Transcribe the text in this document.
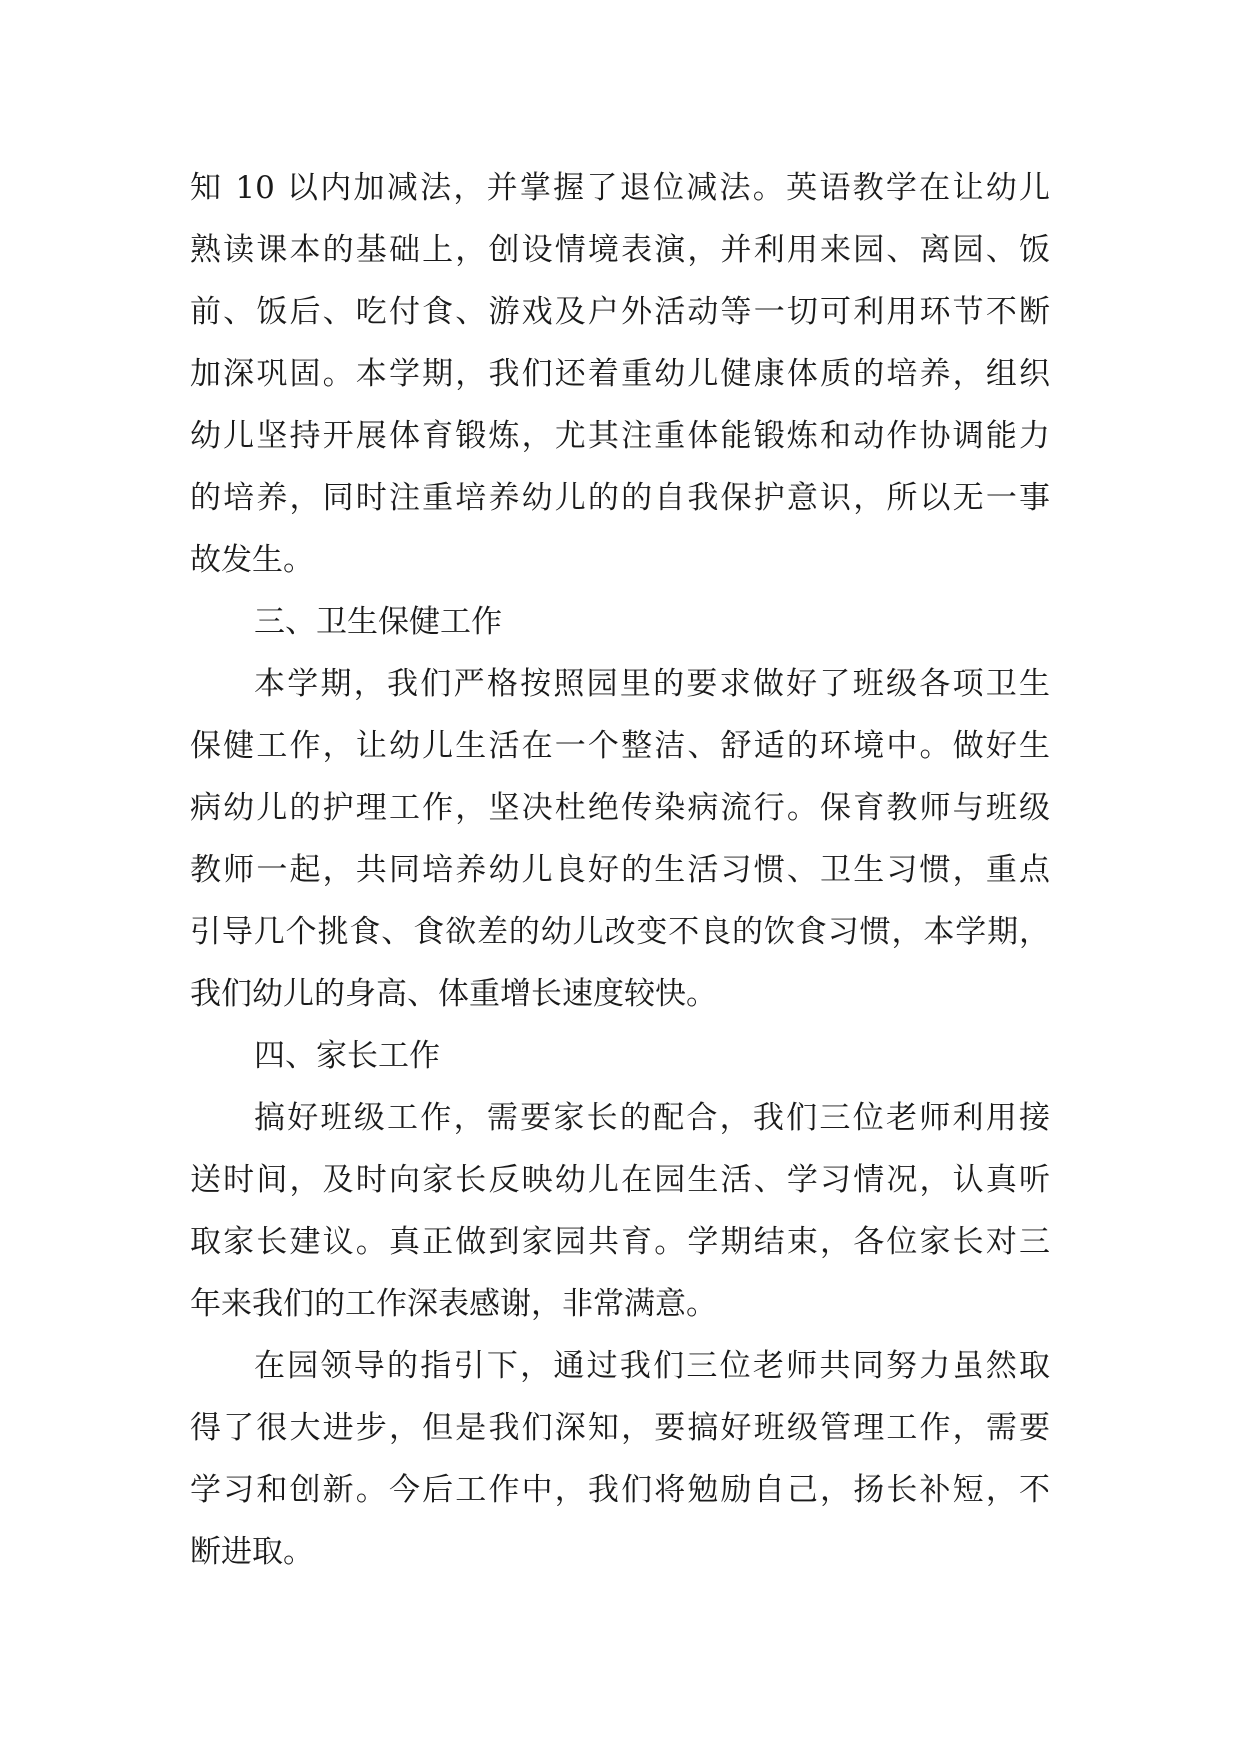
知 10 以内加减法，并掌握了退位减法。英语教学在让幼儿
熟读课本的基础上，创设情境表演，并利用来园、离园、饭
前、饭后、吃付食、游戏及户外活动等一切可利用环节不断
加深巩固。本学期，我们还着重幼儿健康体质的培养，组织
幼儿坚持开展体育锻炼，尤其注重体能锻炼和动作协调能力
的培养，同时注重培养幼儿的的自我保护意识，所以无一事
故发生。
三、卫生保健工作
本学期，我们严格按照园里的要求做好了班级各项卫生
保健工作，让幼儿生活在一个整洁、舒适的环境中。做好生
病幼儿的护理工作，坚决杜绝传染病流行。保育教师与班级
教师一起，共同培养幼儿良好的生活习惯、卫生习惯，重点
引导几个挑食、食欲差的幼儿改变不良的饮食习惯，本学期，
我们幼儿的身高、体重增长速度较快。
四、家长工作
搞好班级工作，需要家长的配合，我们三位老师利用接
送时间，及时向家长反映幼儿在园生活、学习情况，认真听
取家长建议。真正做到家园共育。学期结束，各位家长对三
年来我们的工作深表感谢，非常满意。
在园领导的指引下，通过我们三位老师共同努力虽然取
得了很大进步，但是我们深知，要搞好班级管理工作，需要
学习和创新。今后工作中，我们将勉励自己，扬长补短，不
断进取。
